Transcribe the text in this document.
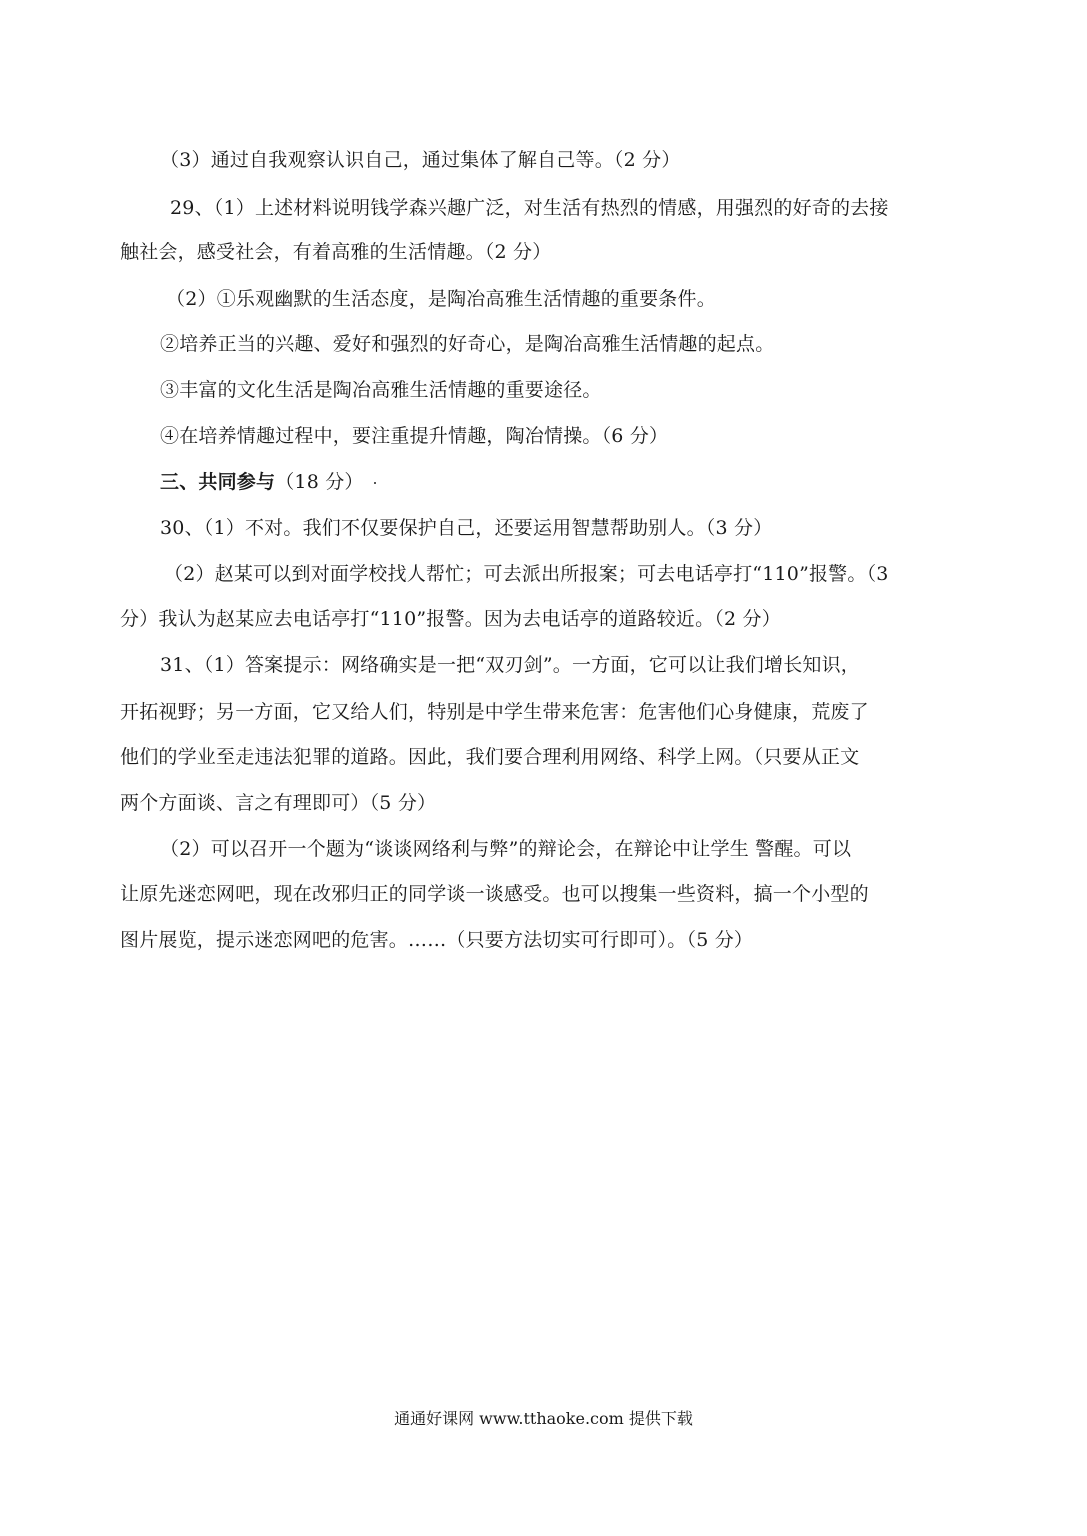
（3）通过自我观察认识自己，通过集体了解自己等。（2 分）
29、（1）上述材料说明钱学森兴趣广泛，对生活有热烈的情感，用强烈的好奇的去接
触社会，感受社会，有着高雅的生活情趣。（2 分）
（2）①乐观幽默的生活态度，是陶冶高雅生活情趣的重要条件。
②培养正当的兴趣、爱好和强烈的好奇心，是陶冶高雅生活情趣的起点。
③丰富的文化生活是陶冶高雅生活情趣的重要途径。
④在培养情趣过程中，要注重提升情趣，陶冶情操。（6 分）
三、共同参与（18 分）
30、（1）不对。我们不仅要保护自己，还要运用智慧帮助别人。（3 分）
（2）赵某可以到对面学校找人帮忙；可去派出所报案；可去电话亭打“110”报警。（3
分）我认为赵某应去电话亭打“110”报警。因为去电话亭的道路较近。（2 分）
31、（1）答案提示：网络确实是一把“双刃剑”。一方面，它可以让我们增长知识，
开拓视野；另一方面，它又给人们，特别是中学生带来危害：危害他们心身健康，荒废了
他们的学业至走违法犯罪的道路。因此，我们要合理利用网络、科学上网。（只要从正文
两个方面谈、言之有理即可）（5 分）
（2）可以召开一个题为“谈谈网络利与弊”的辩论会，在辩论中让学生 警醒。可以
让原先迷恋网吧，现在改邪归正的同学谈一谈感受。也可以搜集一些资料，搞一个小型的
图片展览，提示迷恋网吧的危害。……（只要方法切实可行即可）。（5 分）
通通好课网 www.tthaoke.com 提供下载
